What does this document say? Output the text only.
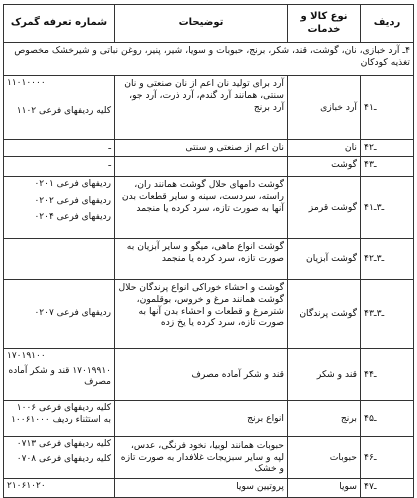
ردیف	نوع کالا و خدمات	توضیحات	شماره تعرفه گمرک
۴ـ آرد خبازی، نان، گوشت، قند، شکر، برنج، حبوبات و سویا، شیر، پنیر، روغن نباتی و شیرخشک مخصوص تغذیه کودکان			
۴ـ۱	آرد خبازی	آرد برای تولید نان اعم از نان صنعتی و نان سنتی، همانند آرد گندم، آرد ذرت، آرد جو، آرد برنج	۱۱۰۱۰۰۰۰
کلیه ردیفهای فرعی ۱۱۰۲

۴ـ۲	نان	نان اعم از صنعتی و سنتی	ـ

۴ـ۳	گوشت		ـ

۴ـ۳ـ۱	گوشت قرمز	گوشت دامهای حلال گوشت همانند ران، راسته، سردست، سینه و سایر قطعات بدن آنها به صورت تازه، سرد کرده یا منجمد	ردیفهای فرعی ۰۲۰۱
ردیفهای فرعی ۰۲۰۲
ردیفهای فرعی ۰۲۰۴

۴ـ۳ـ۲	گوشت آبزیان	گوشت انواع ماهی، میگو و سایر آبزیان به صورت تازه، سرد کرده یا منجمد	
۴ـ۳ـ۳	گوشت پرندگان	گوشت و احشاء خوراکی انواع پرندگان حلال گوشت همانند مرغ و خروس، بوقلمون، شترمرغ و قطعات و احشاء بدن آنها به صورت تازه، سرد کرده یا یخ زده	ردیفهای فرعی ۰۲۰۷

۴ـ۴	قند و شکر	قند و شکر آماده مصرف	۱۷۰۱۹۱۰۰
۱۷۰۱۹۹۱۰ قند و شکر آماده مصرف

۴ـ۵	برنج	انواع برنج	کلیه ردیفهای فرعی ۱۰۰۶ به استثناء ردیف ۱۰۰۶۱۰۰۰

۴ـ۶	حبوبات	حبوبات همانند لوبیا، نخود فرنگی، عدس، لپه و سایر سبزیجات غلافدار به صورت تازه و خشک	کلیه ردیفهای فرعی ۰۷۱۳
کلیه ردیفهای فرعی ۰۷۰۸

۴ـ۷	سویا	پروتیین سویا	۲۱۰۶۱۰۲۰
